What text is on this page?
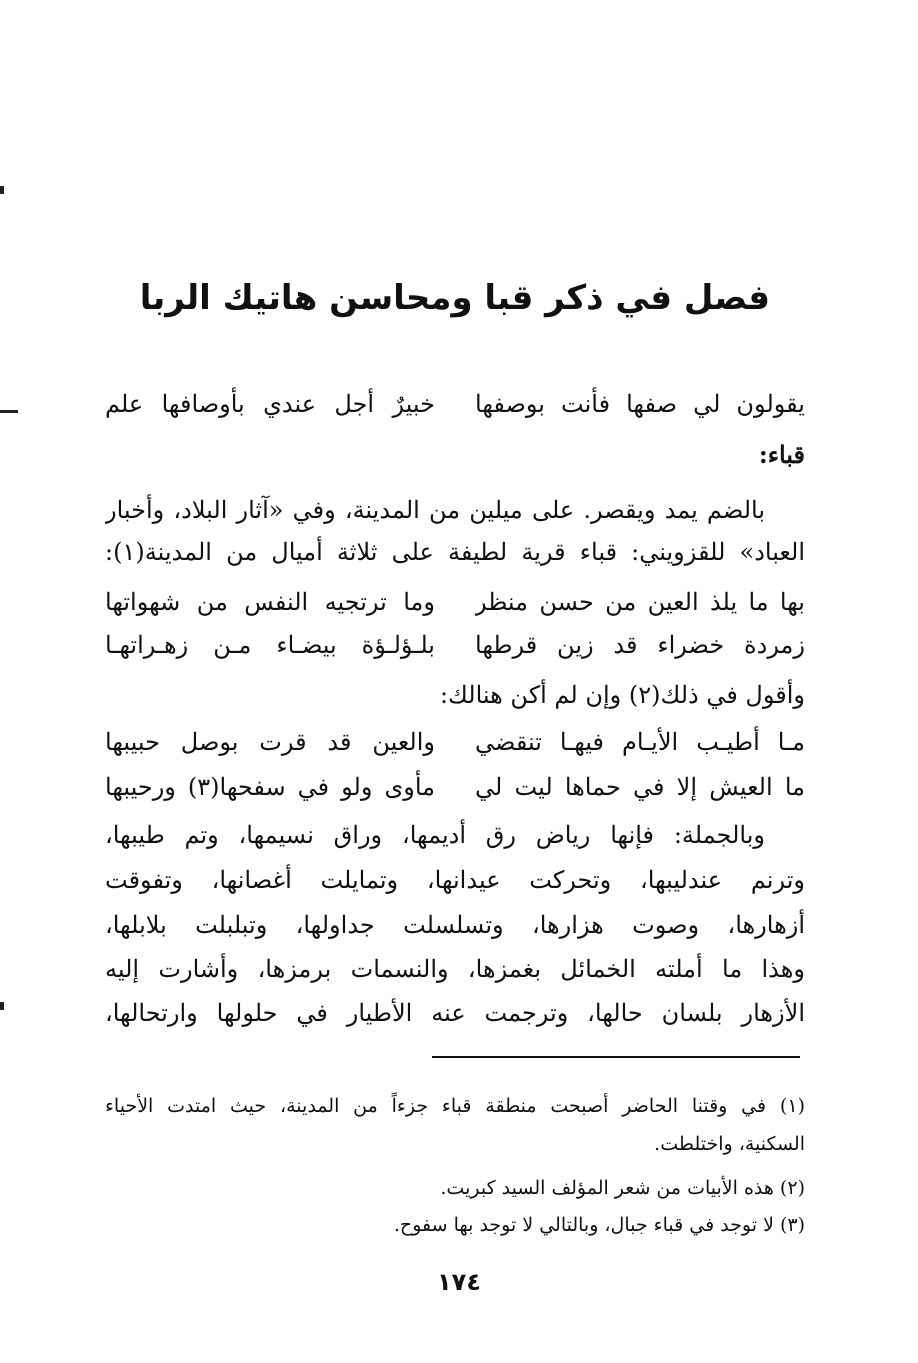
فصل في ذكر قبا ومحاسن هاتيك الربا
يقولون لي صفها فأنت بوصفها
خبيرٌ أجل عندي بأوصافها علم
قباء:
بالضم يمد ويقصر. على ميلين من المدينة، وفي «آثار البلاد، وأخبار
العباد» للقزويني: قباء قرية لطيفة على ثلاثة أميال من المدينة(١):
بها ما يلذ العين من حسن منظر
وما ترتجيه النفس من شهواتها
زمردة خضراء قد زين قرطها
بلـؤلـؤة بيضـاء مـن زهـراتهـا
وأقول في ذلك(٢) وإن لم أكن هنالك:
مـا أطيـب الأيـام فيهـا تنقضي
والعين قد قرت بوصل حبيبها
ما العيش إلا في حماها ليت لي
مأوى ولو في سفحها(٣) ورحيبها
وبالجملة: فإنها رياض رق أديمها، وراق نسيمها، وتم طيبها،
وترنم عندليبها، وتحركت عيدانها، وتمايلت أغصانها، وتفوقت
أزهارها، وصوت هزارها، وتسلسلت جداولها، وتبلبلت بلابلها،
وهذا ما أملته الخمائل بغمزها، والنسمات برمزها، وأشارت إليه
الأزهار بلسان حالها، وترجمت عنه الأطيار في حلولها وارتحالها،
(١) في وقتنا الحاضر أصبحت منطقة قباء جزءاً من المدينة، حيث امتدت الأحياء
السكنية، واختلطت.
(٢) هذه الأبيات من شعر المؤلف السيد كبريت.
(٣) لا توجد في قباء جبال، وبالتالي لا توجد بها سفوح.
١٧٤
